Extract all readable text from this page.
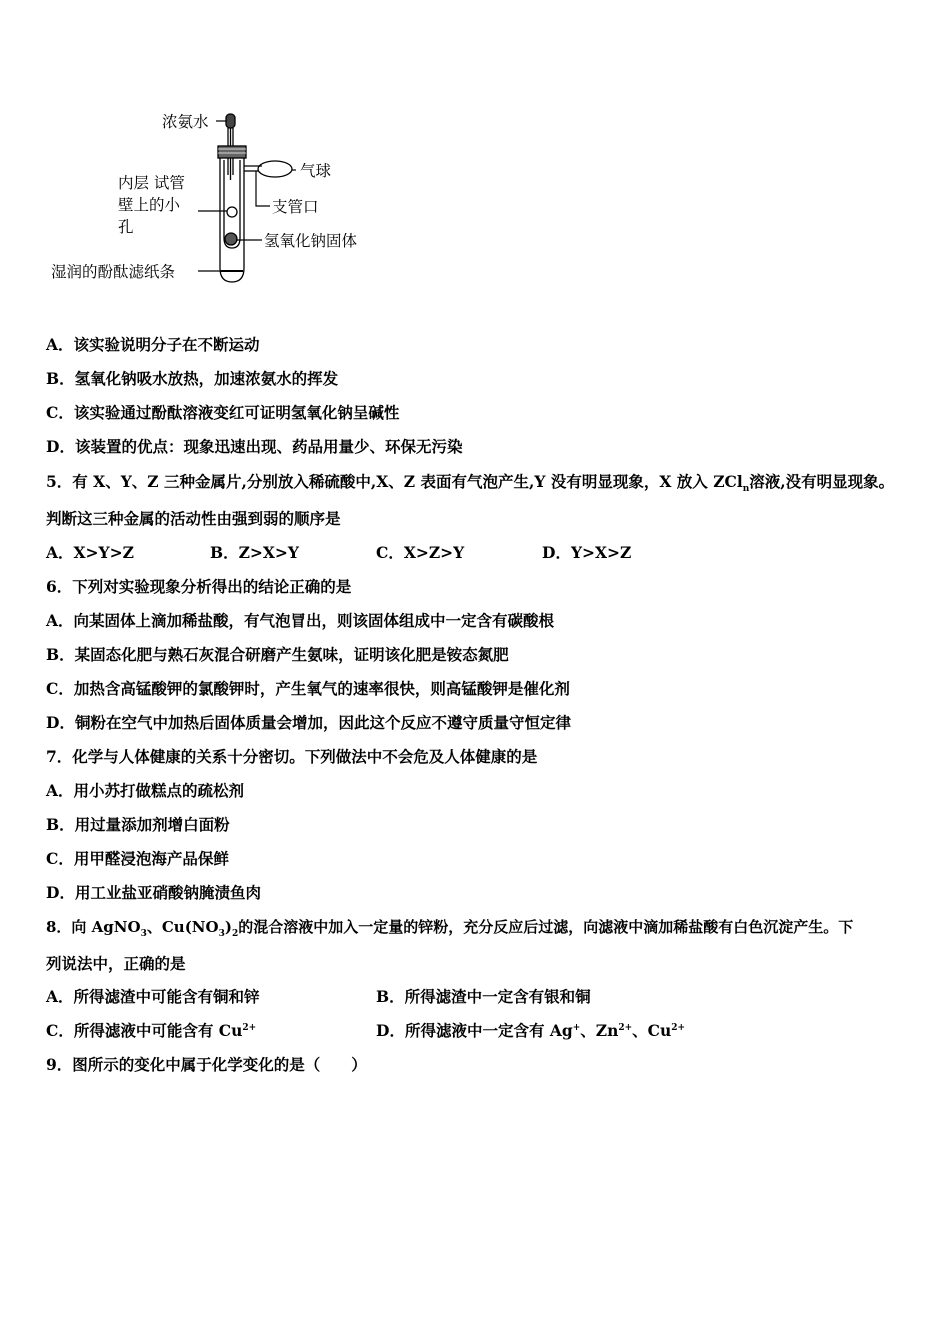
浓氨水
气球
内层 试管
壁上的小
孔
支管口
氢氧化钠固体
湿润的酚酞滤纸条
A．该实验说明分子在不断运动
B．氢氧化钠吸水放热，加速浓氨水的挥发
C．该实验通过酚酞溶液变红可证明氢氧化钠呈碱性
D．该装置的优点：现象迅速出现、药品用量少、环保无污染
5．有 X、Y、Z 三种金属片,分别放入稀硫酸中,X、Z 表面有气泡产生,Y 没有明显现象，X 放入 ZCl$_n$溶液,没有明显现象。
判断这三种金属的活动性由强到弱的顺序是
A．X>Y>Z	B．Z>X>Y	C．X>Z>Y	D．Y>X>Z
6．下列对实验现象分析得出的结论正确的是
A．向某固体上滴加稀盐酸，有气泡冒出，则该固体组成中一定含有碳酸根
B．某固态化肥与熟石灰混合研磨产生氨味，证明该化肥是铵态氮肥
C．加热含高锰酸钾的氯酸钾时，产生氧气的速率很快，则高锰酸钾是催化剂
D．铜粉在空气中加热后固体质量会增加，因此这个反应不遵守质量守恒定律
7．化学与人体健康的关系十分密切。下列做法中不会危及人体健康的是
A．用小苏打做糕点的疏松剂
B．用过量添加剂增白面粉
C．用甲醛浸泡海产品保鲜
D．用工业盐亚硝酸钠腌渍鱼肉
8．向 AgNO$_3$、$Cu(NO_3)_2$的混合溶液中加入一定量的锌粉，充分反应后过滤，向滤液中滴加稀盐酸有白色沉淀产生。下
列说法中，正确的是
A．所得滤渣中可能含有铜和锌	B．所得滤渣中一定含有银和铜
C．所得滤液中可能含有 $Cu^{2+}$	D．所得滤液中一定含有 Ag+、$Zn^{2+}$、$Cu^{2+}$
9．图所示的变化中属于化学变化的是（　　）
